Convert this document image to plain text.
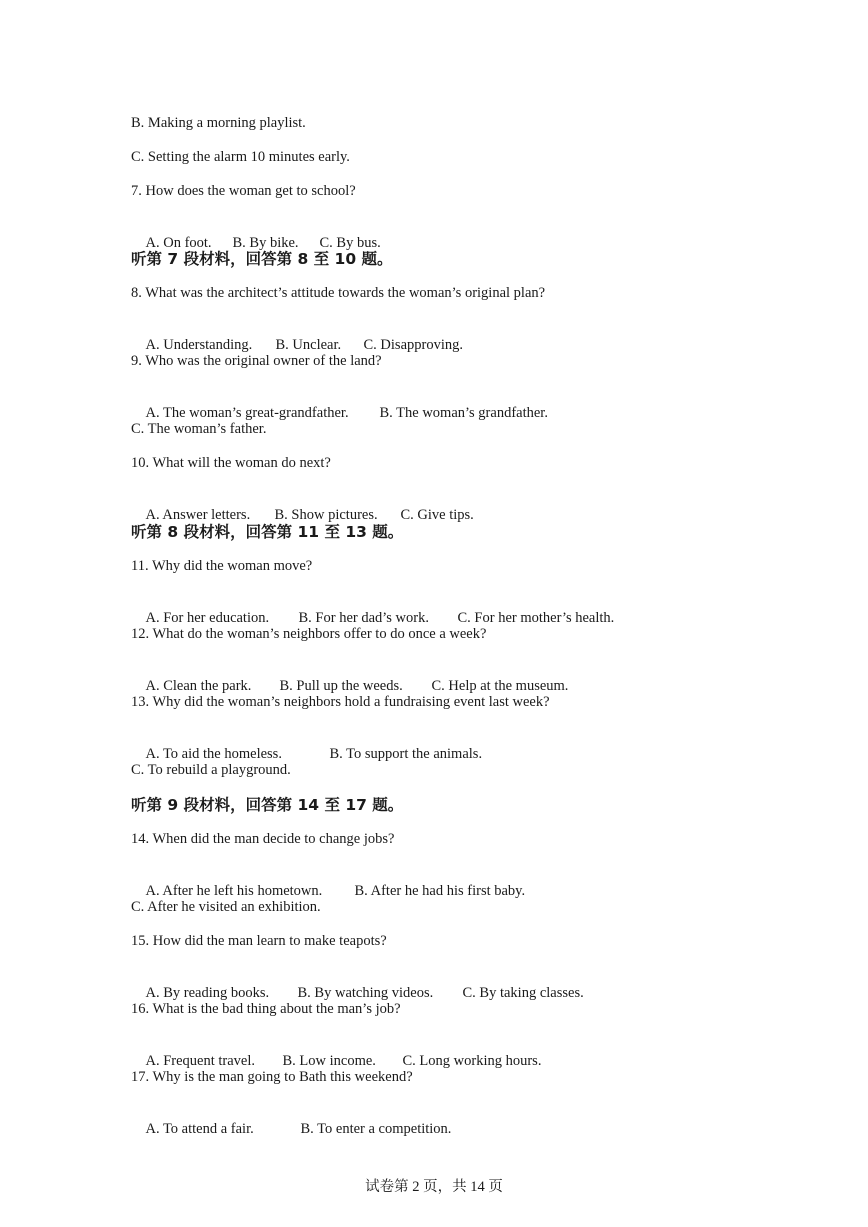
B. Making a morning playlist.
C. Setting the alarm 10 minutes early.
7. How does the woman get to school?

A. On foot. B. By bike. C. By bus.

听第 7 段材料，回答第 8 至 10 题。
8. What was the architect’s attitude towards the woman’s original plan?

A. Understanding. B. Unclear. C. Disapproving.

9. Who was the original owner of the land?

A. The woman’s great-grandfather. B. The woman’s grandfather.

C. The woman’s father.
10. What will the woman do next?

A. Answer letters. B. Show pictures. C. Give tips.

听第 8 段材料，回答第 11 至 13 题。
11. Why did the woman move?

A. For her education. B. For her dad’s work. C. For her mother’s health.

12. What do the woman’s neighbors offer to do once a week?

A. Clean the park. B. Pull up the weeds. C. Help at the museum.

13. Why did the woman’s neighbors hold a fundraising event last week?

A. To aid the homeless.	B. To support the animals.

C. To rebuild a playground.
听第 9 段材料，回答第 14 至 17 题。
14. When did the man decide to change jobs?

A. After he left his hometown. B. After he had his first baby.

C. After he visited an exhibition.
15. How did the man learn to make teapots?

A. By reading books. B. By watching videos. C. By taking classes.

16. What is the bad thing about the man’s job?

A. Frequent travel. B. Low income. C. Long working hours.

17. Why is the man going to Bath this weekend?

A. To attend a fair.	B. To enter a competition.

试卷第 2 页，共 14 页
